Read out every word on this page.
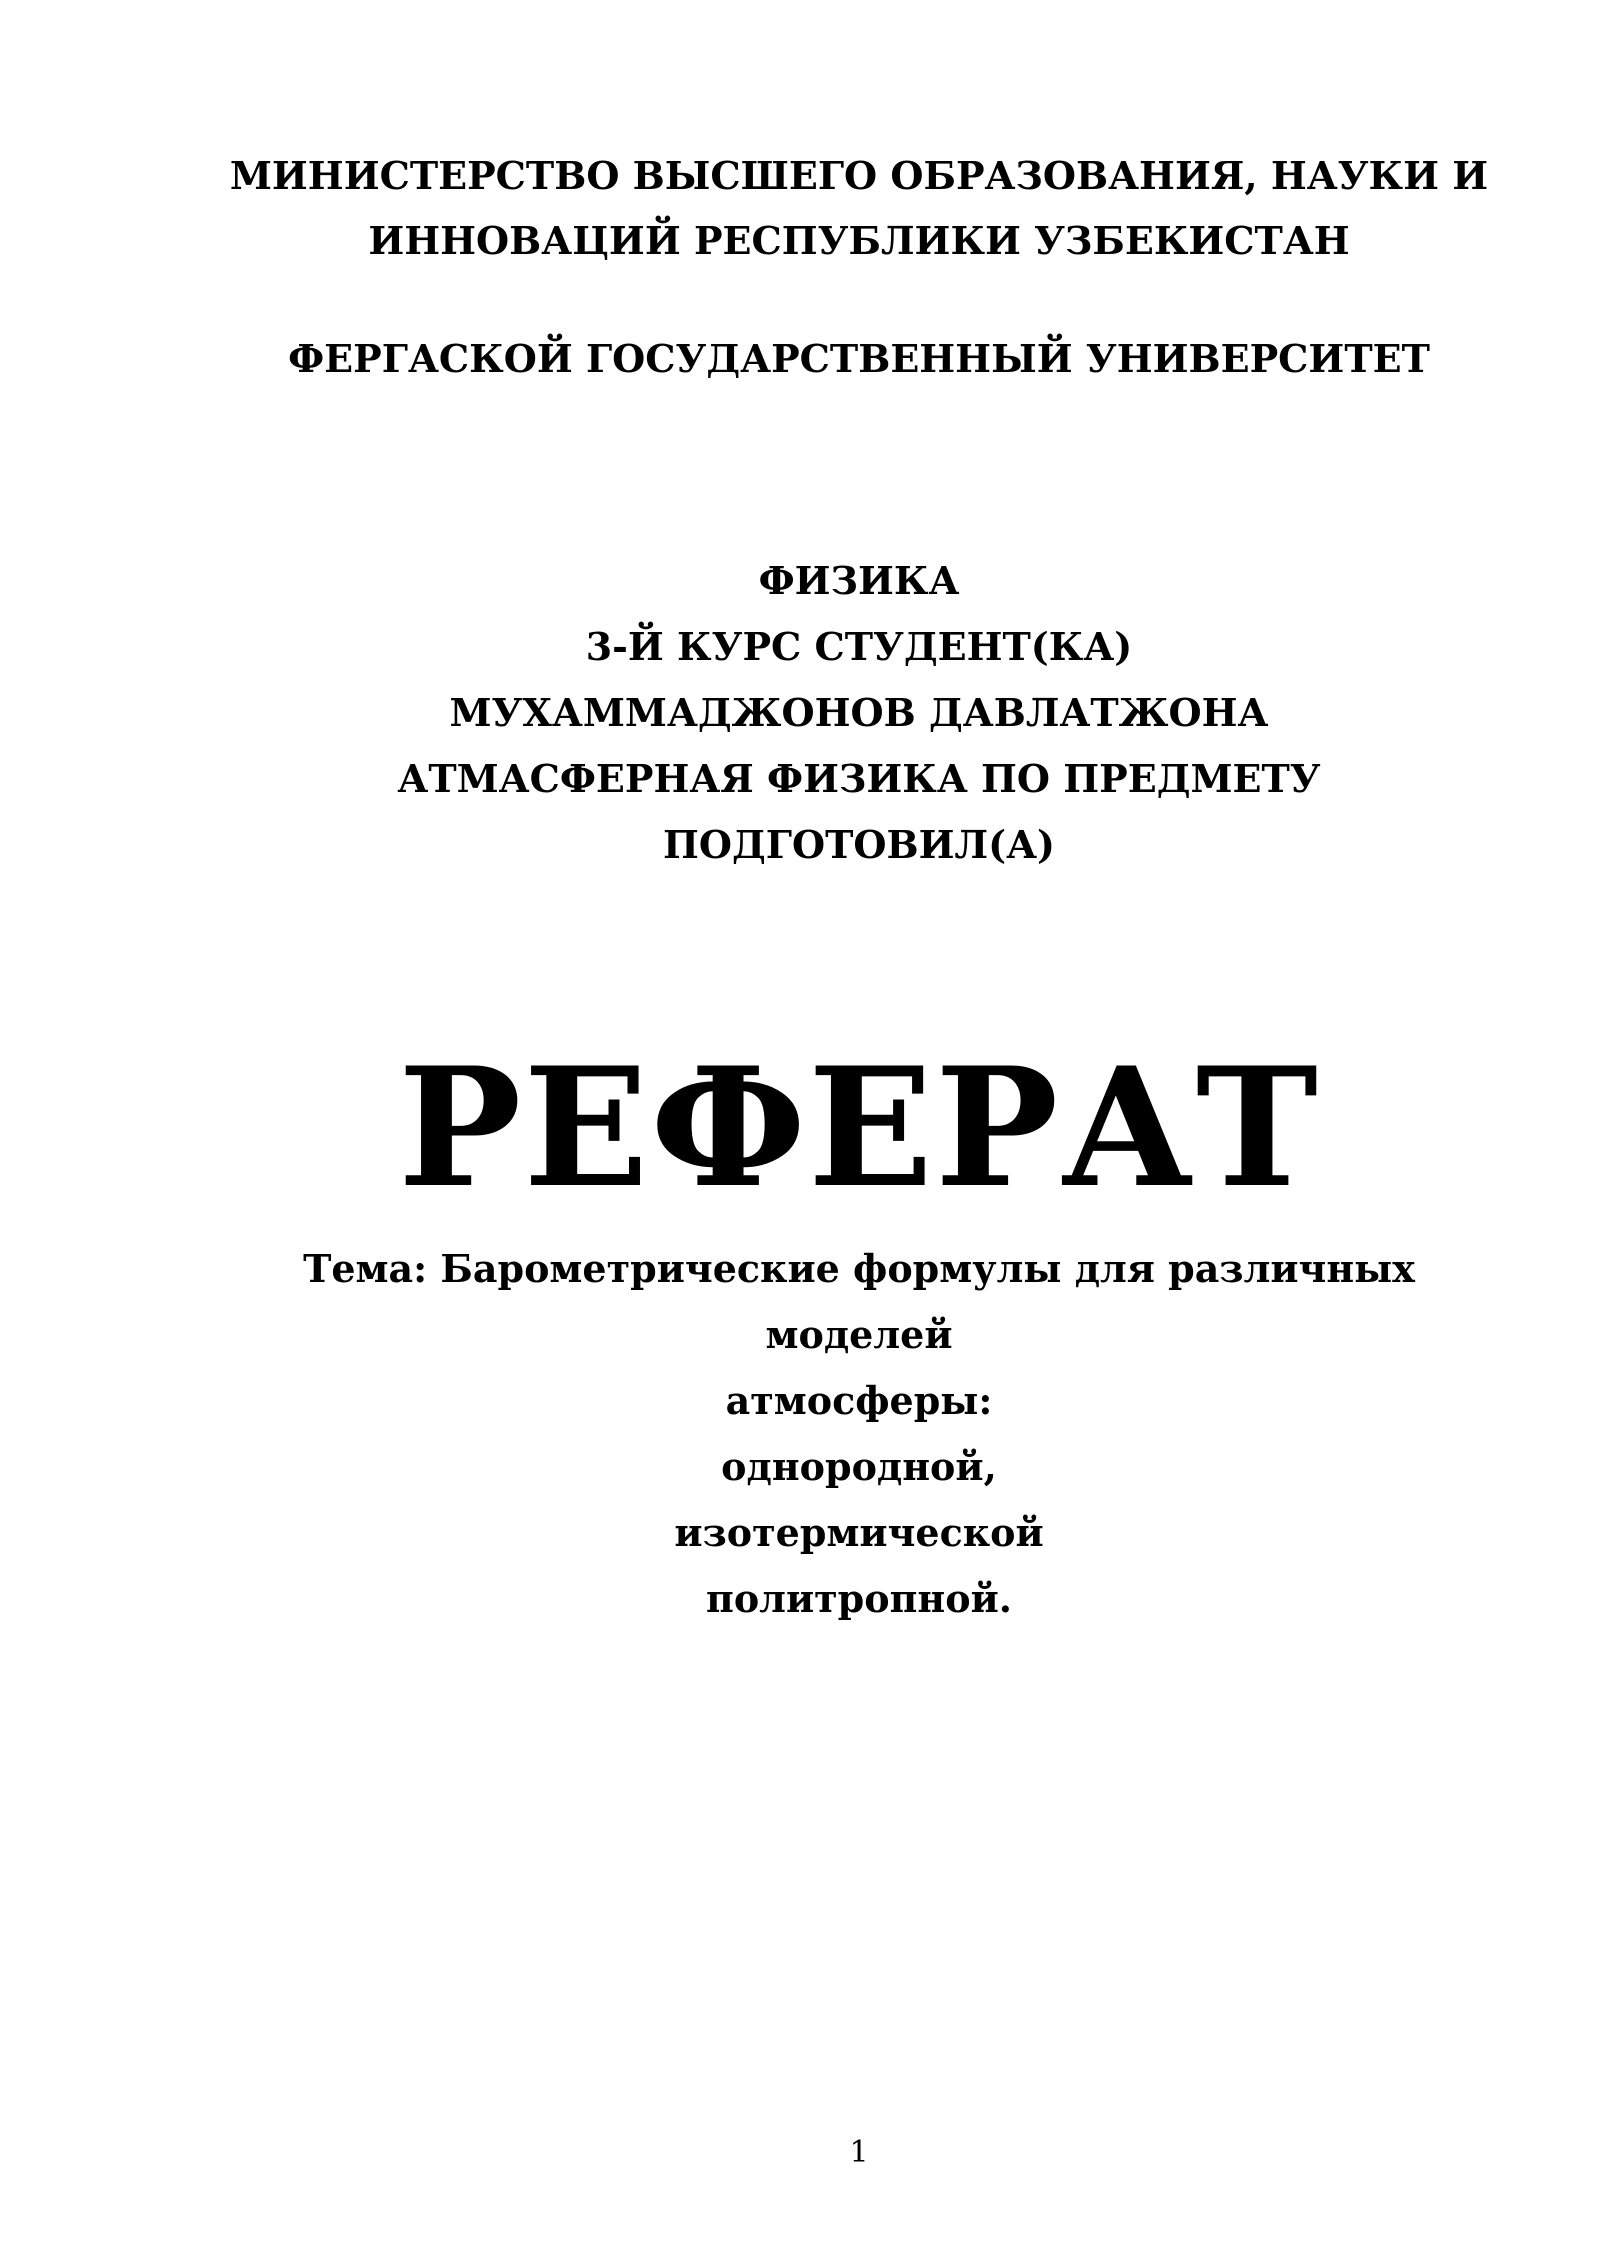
МИНИСТЕРСТВО ВЫСШЕГО ОБРАЗОВАНИЯ, НАУКИ И
ИННОВАЦИЙ РЕСПУБЛИКИ УЗБЕКИСТАН
ФЕРГАСКОЙ ГОСУДАРСТВЕННЫЙ УНИВЕРСИТЕТ
ФИЗИКА
3-Й КУРС СТУДЕНТ(КА)
МУХАММАДЖОНОВ ДАВЛАТЖОНА
АТМАСФЕРНАЯ ФИЗИКА ПО ПРЕДМЕТУ
ПОДГОТОВИЛ(А)
РЕФЕРАТ
Тема: Барометрические формулы для различных
моделей
атмосферы:
однородной,
изотермической
политропной.
1
